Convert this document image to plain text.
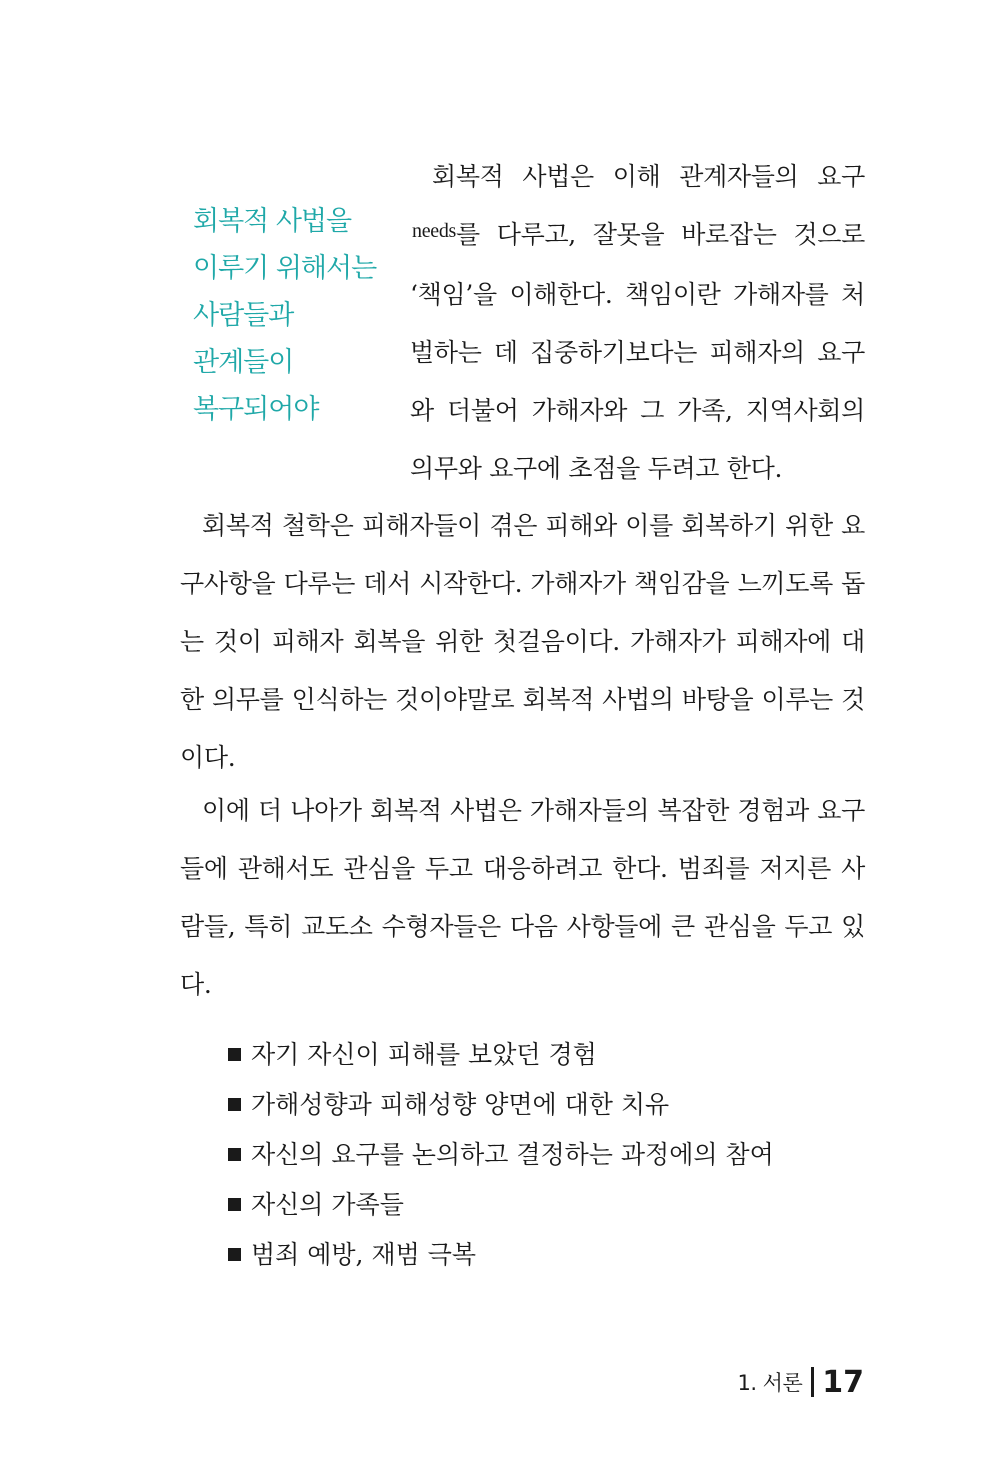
회복적 사법을
이루기 위해서는
사람들과
관계들이
복구되어야

회복적 사법은 이해 관계자들의 요구$^{needs}$를 다루고, 잘못을 바로잡는 것으로 ‘책임’을 이해한다. 책임이란 가해자를 처벌하는 데 집중하기보다는 피해자의 요구와 더불어 가해자와 그 가족, 지역사회의 의무와 요구에 초점을 두려고 한다.

회복적 철학은 피해자들이 겪은 피해와 이를 회복하기 위한 요구사항을 다루는 데서 시작한다. 가해자가 책임감을 느끼도록 돕는 것이 피해자 회복을 위한 첫걸음이다. 가해자가 피해자에 대한 의무를 인식하는 것이야말로 회복적 사법의 바탕을 이루는 것이다.

이에 더 나아가 회복적 사법은 가해자들의 복잡한 경험과 요구들에 관해서도 관심을 두고 대응하려고 한다. 범죄를 저지른 사람들, 특히 교도소 수형자들은 다음 사항들에 큰 관심을 두고 있다.

자기 자신이 피해를 보았던 경험
가해성향과 피해성향 양면에 대한 치유
자신의 요구를 논의하고 결정하는 과정에의 참여
자신의 가족들
범죄 예방, 재범 극복
1. 서론 17
